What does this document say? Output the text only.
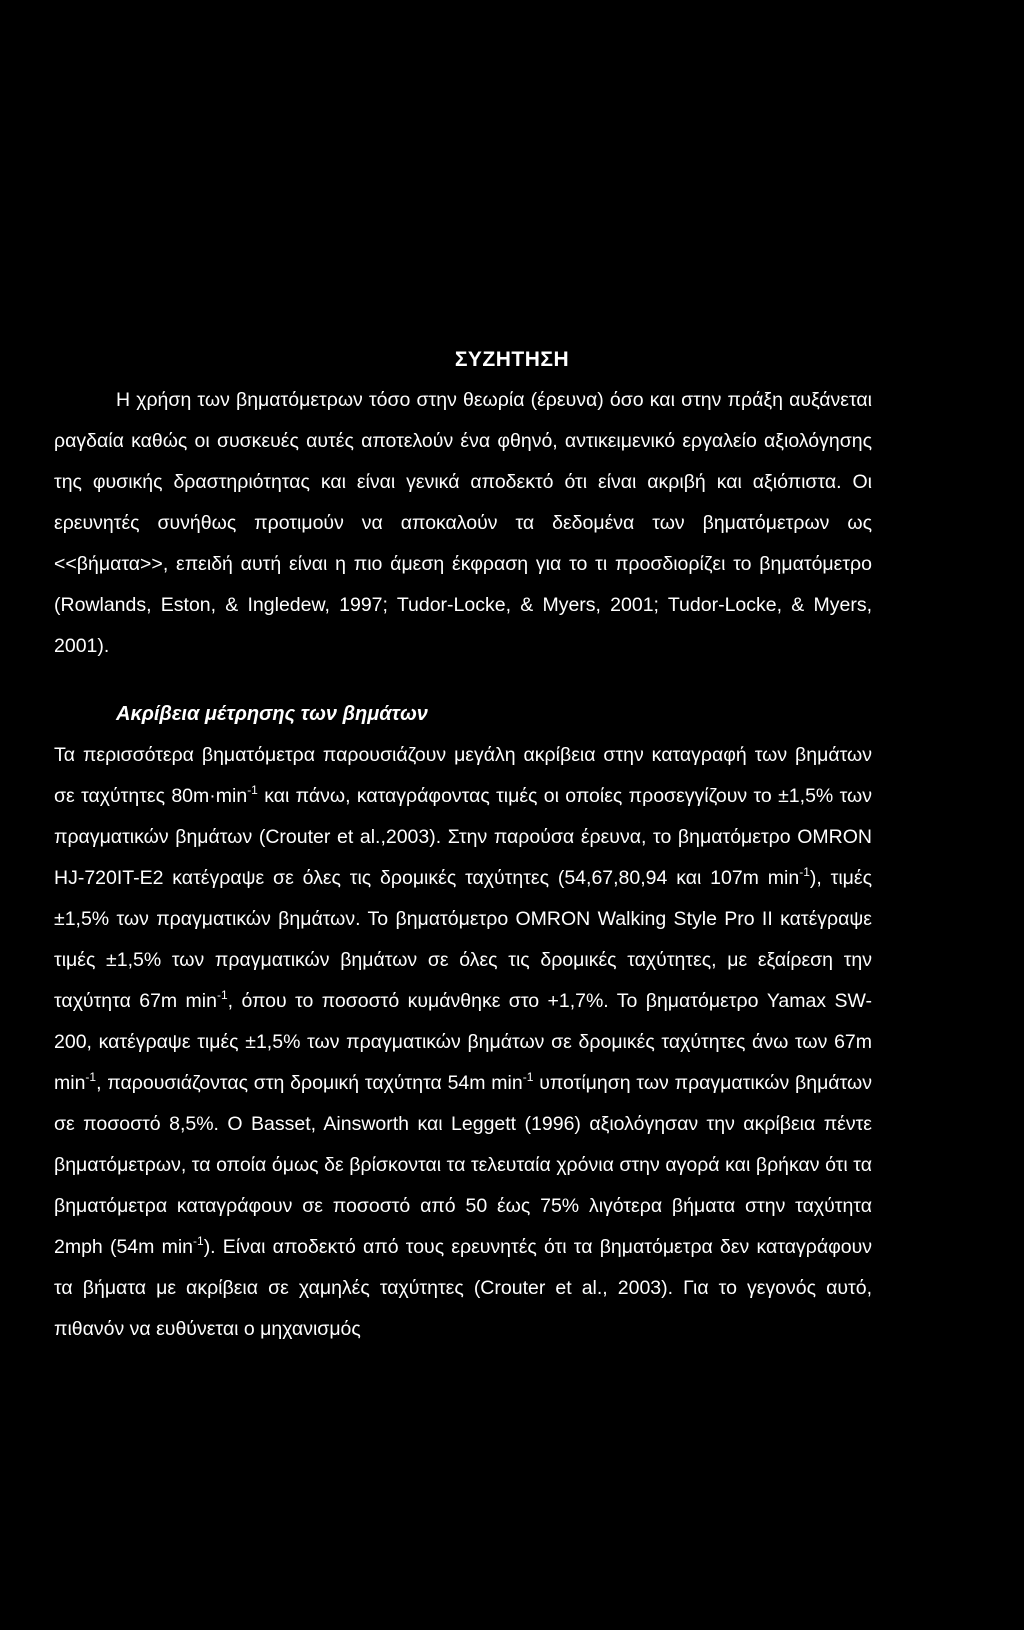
ΣΥΖΗΤΗΣΗ

Η χρήση των βηματόμετρων τόσο στην θεωρία (έρευνα) όσο και στην πράξη αυξάνεται ραγδαία καθώς οι συσκευές αυτές αποτελούν ένα φθηνό, αντικειμενικό εργαλείο αξιολόγησης της φυσικής δραστηριότητας και είναι γενικά αποδεκτό ότι είναι ακριβή και αξιόπιστα. Οι ερευνητές συνήθως προτιμούν να αποκαλούν τα δεδομένα των βηματόμετρων ως <<βήματα>>, επειδή αυτή είναι η πιο άμεση έκφραση για το τι προσδιορίζει το βηματόμετρο (Rowlands, Eston, & Ingledew, 1997; Tudor-Locke, & Myers, 2001; Tudor-Locke, & Myers, 2001).

Ακρίβεια μέτρησης των βημάτων

Τα περισσότερα βηματόμετρα παρουσιάζουν μεγάλη ακρίβεια στην καταγραφή των βημάτων σε ταχύτητες $80m\cdot\min^{-1}$ και πάνω, καταγράφοντας τιμές οι οποίες προσεγγίζουν το ±1,5% των πραγματικών βημάτων (Crouter et al.,2003). Στην παρούσα έρευνα, το βηματόμετρο OMRON HJ-720IT-E2 κατέγραψε σε όλες τις δρομικές ταχύτητες (54,67,80,94 και 107m $\min^{-1}$), τιμές ±1,5% των πραγματικών βημάτων. Το βηματόμετρο OMRON Walking Style Pro II κατέγραψε τιμές ±1,5% των πραγματικών βημάτων σε όλες τις δρομικές ταχύτητες, με εξαίρεση την ταχύτητα 67m $\min^{-1}$, όπου το ποσοστό κυμάνθηκε στο +1,7%. Το βηματόμετρο Yamax SW-200, κατέγραψε τιμές ±1,5% των πραγματικών βημάτων σε δρομικές ταχύτητες άνω των 67m $\min^{-1}$, παρουσιάζοντας στη δρομική ταχύτητα 54m $\min^{-1} \upsilon\pi o\tau ί\mu\eta\sigma\eta$ των πραγματικών βημάτων σε ποσοστό 8,5%. Ο Basset, Ainsworth και Leggett (1996) αξιολόγησαν την ακρίβεια πέντε βηματόμετρων, τα οποία όμως δε βρίσκονται τα τελευταία χρόνια στην αγορά και βρήκαν ότι τα βηματόμετρα καταγράφουν σε ποσοστό από 50 έως 75% λιγότερα βήματα στην ταχύτητα 2mph (54m $\min^{-1}$). Είναι αποδεκτό από τους ερευνητές ότι τα βηματόμετρα δεν καταγράφουν τα βήματα με ακρίβεια σε χαμηλές ταχύτητες (Crouter et al., 2003). Για το γεγονός αυτό, πιθανόν να ευθύνεται ο μηχανισμός
